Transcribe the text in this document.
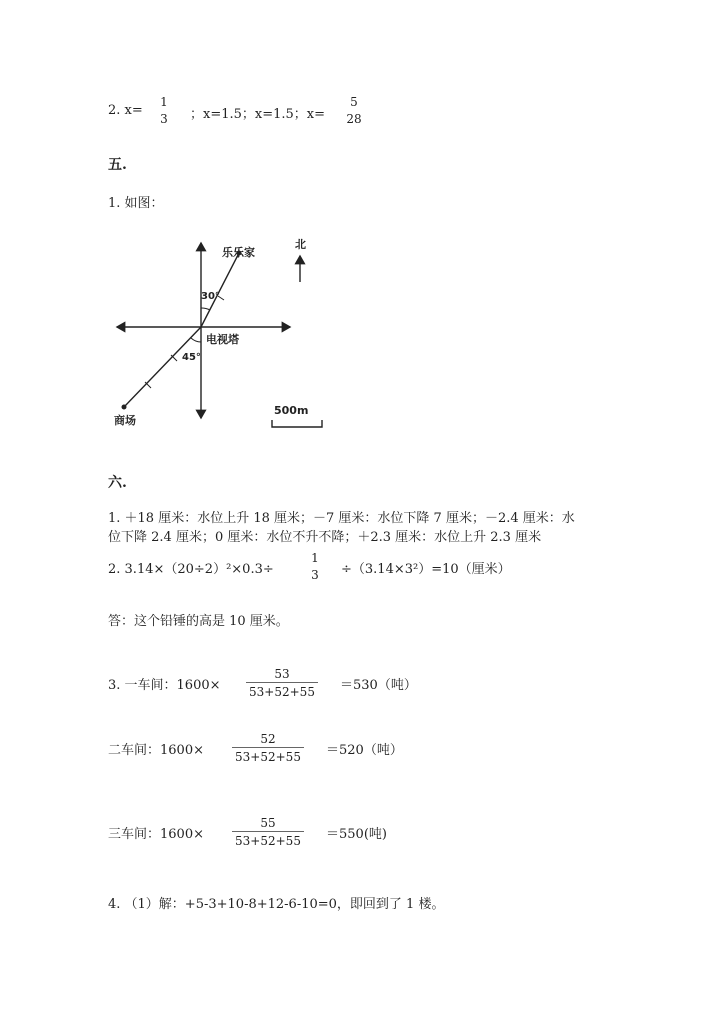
2. x=
1
3 ；x=1.5；x=1.5；x=
5
28
五.
1. 如图：
乐乐家
北
30°
电视塔
45°
商场
500m
六.
1. ＋18 厘米：水位上升 18 厘米；－7 厘米：水位下降 7 厘米；－2.4 厘米：水
位下降 2.4 厘米；0 厘米：水位不升不降；＋2.3 厘米：水位上升 2.3 厘米
2. 3.14×（20÷2）²×0.3÷
1
3 ÷（3.14×3²）=10（厘米）
答：这个铅锤的高是 10 厘米。
3. 一车间：1600×
53
53+52+55 ＝530（吨）
二车间：1600×
52
53+52+55 ＝520（吨）
三车间：1600×
55
53+52+55 ＝550(吨)
4. （1）解：+5-3+10-8+12-6-10=0，即回到了 1 楼。
